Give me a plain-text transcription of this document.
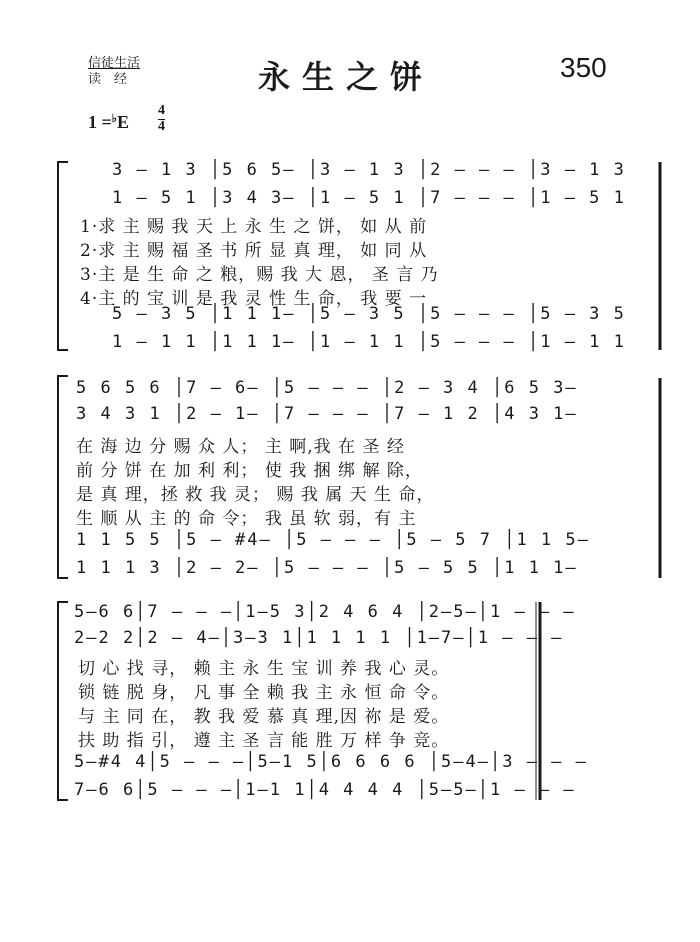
信徒生活
读经	永生之饼	350
1 =♭E
4
4
3 – 1 3 │5 6 5– │3 – 1 3 │2 – – – │3 – 1 3
1 – 5 1 │3 4 3– │1 – 5 1 │7 – – – │1 – 5 1
1·求 主 赐 我 天 上 永 生 之 饼， 如 从 前
2·求 主 赐 福 圣 书 所 显 真 理， 如 同 从
3·主 是 生 命 之 粮，赐 我 大 恩， 圣 言 乃
4·主 的 宝 训 是 我 灵 性 生 命， 我 要 一
5 – 3 5 │1 1 1– │5 – 3 5 │5 – – – │5 – 3 5
1 – 1 1 │1 1 1– │1 – 1 1 │5 – – – │1 – 1 1
5 6 5 6 │7 – 6– │5 – – – │2 – 3 4 │6 5 3–
3 4 3 1 │2 – 1– │7 – – – │7 – 1 2 │4 3 1–
在 海 边 分 赐 众 人； 主 啊,我 在 圣 经
前 分 饼 在 加 利 利； 使 我 捆 绑 解 除，
是 真 理，拯 救 我 灵； 赐 我 属 天 生 命，
生 顺 从 主 的 命 令； 我 虽 软 弱，有 主
1 1 5 5 │5 – #4– │5 – – – │5 – 5 7 │1 1 5–
1 1 1 3 │2 – 2– │5 – – – │5 – 5 5 │1 1 1–
5–6 6│7 – – –│1–5 3│2 4 6 4 │2–5–│1 – – –
2–2 2│2 – 4–│3–3 1│1 1 1 1 │1–7–│1 – – –
切 心 找 寻， 赖 主 永 生 宝 训 养 我 心 灵。
锁 链 脱 身， 凡 事 全 赖 我 主 永 恒 命 令。
与 主 同 在， 教 我 爱 慕 真 理,因 祢 是 爱。
扶 助 指 引， 遵 主 圣 言 能 胜 万 样 争 竞。
5–#4 4│5 – – –│5–1 5│6 6 6 6 │5–4–│3 – – –
7–6 6│5 – – –│1–1 1│4 4 4 4 │5–5–│1 – – –
